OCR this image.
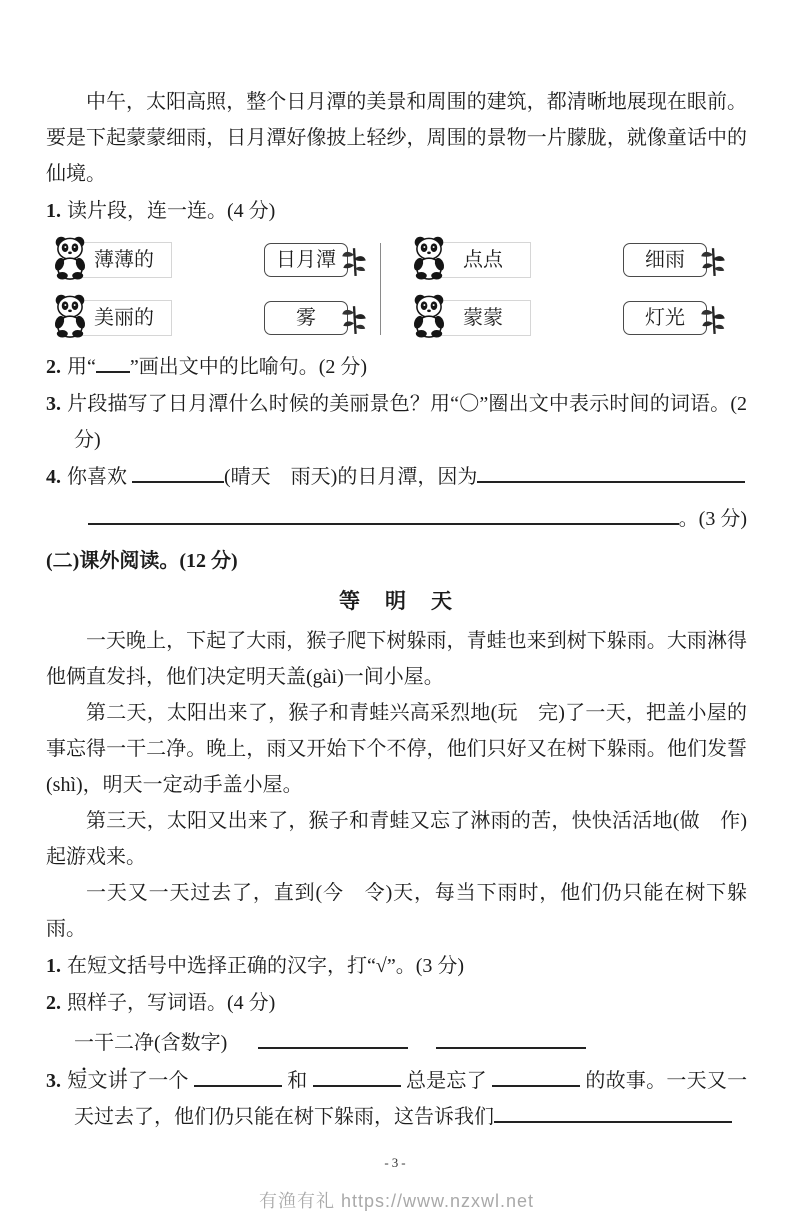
中午，太阳高照，整个日月潭的美景和周围的建筑，都清晰地展现在眼前。要是下起蒙蒙细雨，日月潭好像披上轻纱，周围的景物一片朦胧，就像童话中的仙境。

1. 读片段，连一连。(4 分)

薄薄的	日月潭
美丽的	雾
点点	细雨
蒙蒙	灯光

2. 用“ ”画出文中的比喻句。(2 分)

3. 片段描写了日月潭什么时候的美丽景色？用“〇”圈出文中表示时间的词语。(2 分)

4. 你喜欢	(晴天　雨天)的日月潭，因为
。(3 分)

(二)课外阅读。(12 分)

等　明　天

一天晚上，下起了大雨，猴子爬下树躲雨，青蛙也来到树下躲雨。大雨淋得他俩直发抖，他们决定明天盖(gài)一间小屋。

第二天，太阳出来了，猴子和青蛙兴高采烈地(玩　完)了一天，把盖小屋的事忘得一干二净。晚上，雨又开始下个不停，他们只好又在树下躲雨。他们发誓(shì)，明天一定动手盖小屋。

第三天，太阳又出来了，猴子和青蛙又忘了淋雨的苦，快快活活地(做　作)起游戏来。

一天又一天过去了，直到(今　令)天，每当下雨时，他们仍只能在树下躲雨。

1. 在短文括号中选择正确的汉字，打“√”。(3 分)

2. 照样子，写词语。(4 分)

一干二净(含数字)

3. 短文讲了一个	和	总是忘了	的故事。一天又一天过去了，他们仍只能在树下躲雨，这告诉我们

-3-

有渔有礼 https://www.nzxwl.net
